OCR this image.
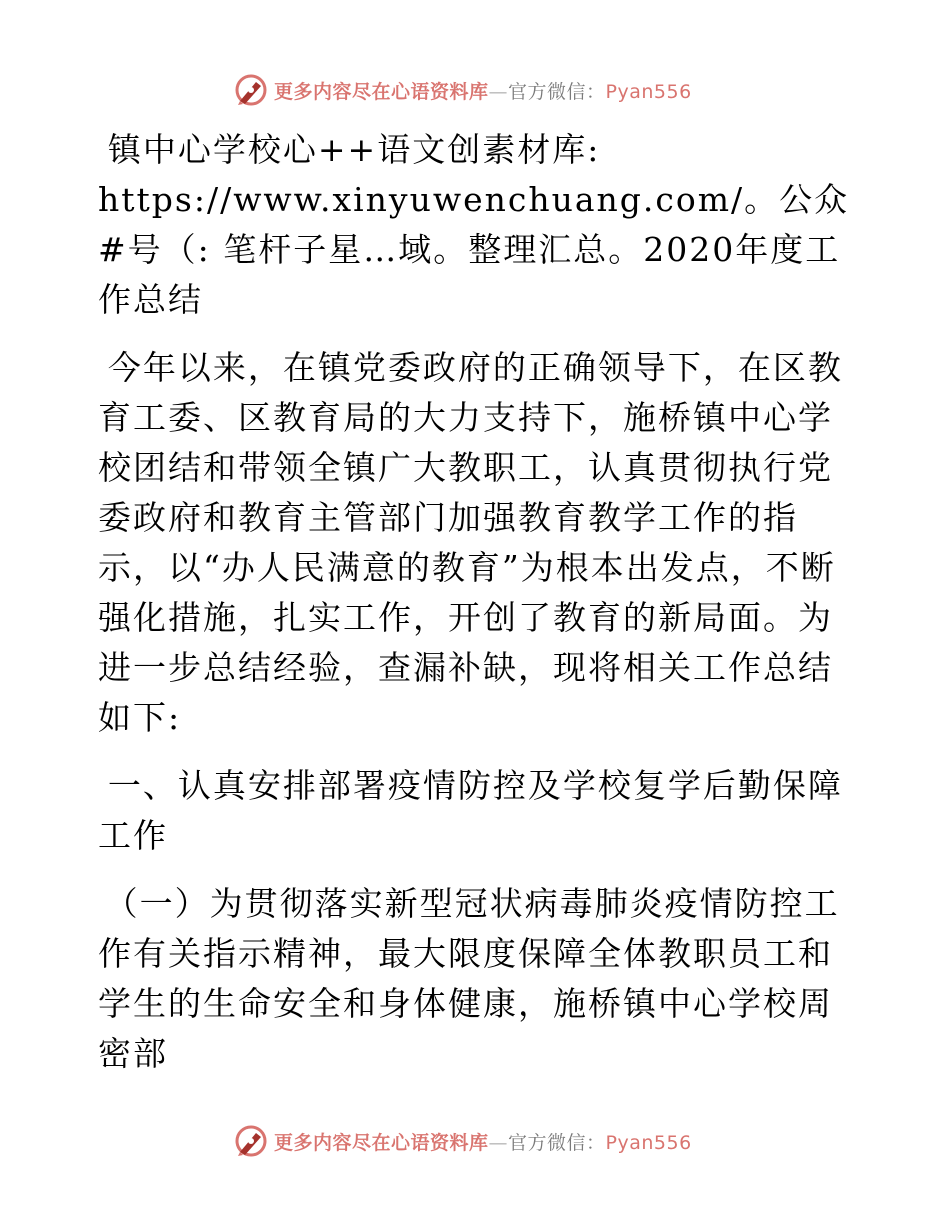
更多内容尽在心语资料库—官方微信：Pyan556

镇中心学校心++语文创素材库: https://www.xinyuwenchuang.com/。公众#号（: 笔杆子星…域。整理汇总。2020年度工作总结

今年以来，在镇党委政府的正确领导下，在区教育工委、区教育局的大力支持下，施桥镇中心学校团结和带领全镇广大教职工，认真贯彻执行党委政府和教育主管部门加强教育教学工作的指示，以“办人民满意的教育”为根本出发点，不断强化措施，扎实工作，开创了教育的新局面。为进一步总结经验，查漏补缺，现将相关工作总结如下:

一、认真安排部署疫情防控及学校复学后勤保障工作

（一）为贯彻落实新型冠状病毒肺炎疫情防控工作有关指示精神，最大限度保障全体教职员工和学生的生命安全和身体健康，施桥镇中心学校周密部

更多内容尽在心语资料库—官方微信：Pyan556
